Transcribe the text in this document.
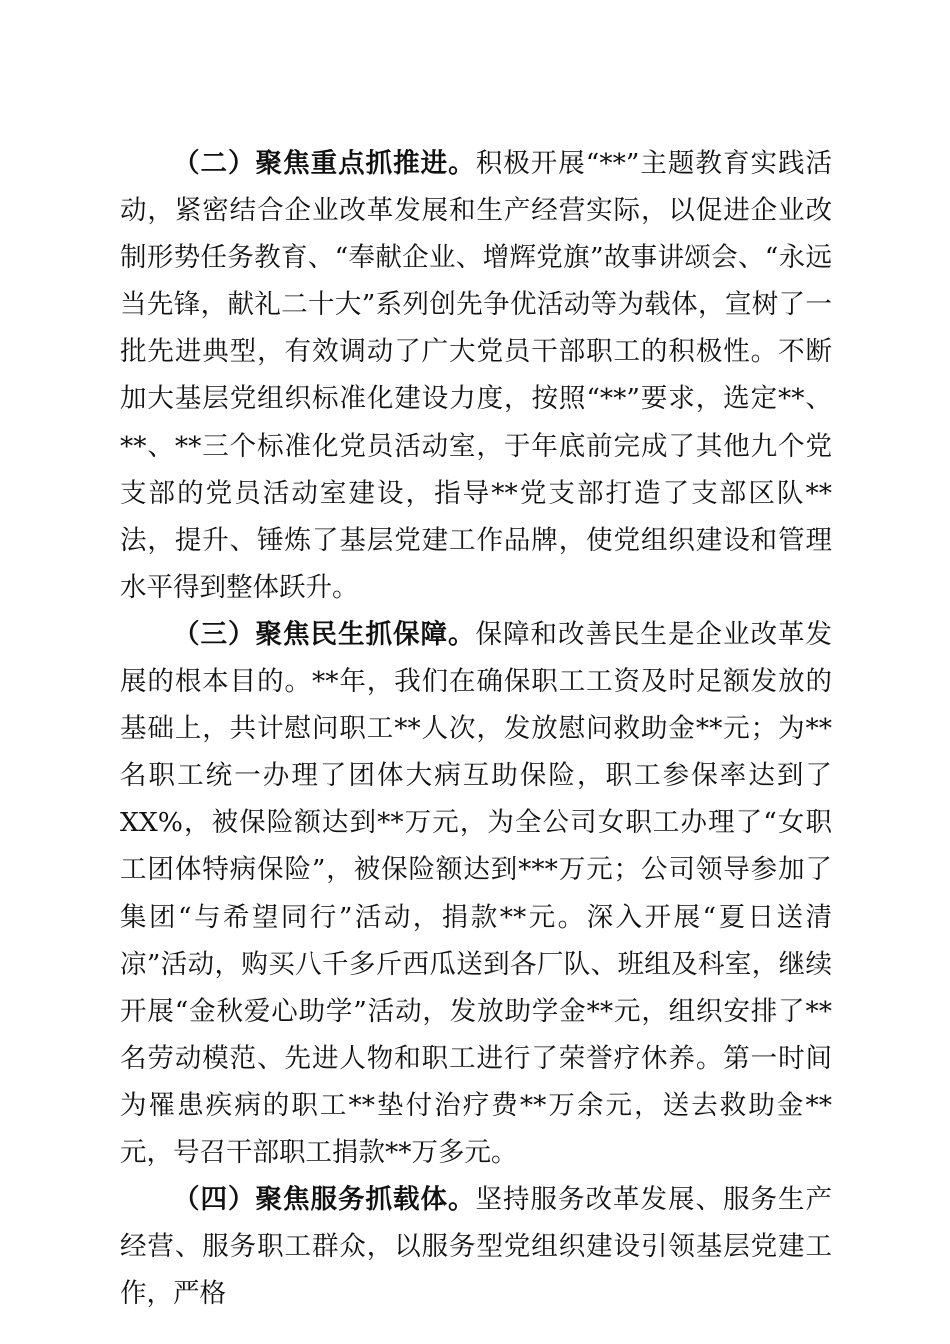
（二）聚焦重点抓推进。积极开展“**”主题教育实践活动，紧密结合企业改革发展和生产经营实际，以促进企业改制形势任务教育、“奉献企业、增辉党旗”故事讲颂会、“永远当先锋，献礼二十大”系列创先争优活动等为载体，宣树了一批先进典型，有效调动了广大党员干部职工的积极性。不断加大基层党组织标准化建设力度，按照“**”要求，选定**、**、**三个标准化党员活动室，于年底前完成了其他九个党支部的党员活动室建设，指导**党支部打造了支部区队**法，提升、锤炼了基层党建工作品牌，使党组织建设和管理水平得到整体跃升。

（三）聚焦民生抓保障。保障和改善民生是企业改革发展的根本目的。**年，我们在确保职工工资及时足额发放的基础上，共计慰问职工**人次，发放慰问救助金**元；为**名职工统一办理了团体大病互助保险，职工参保率达到了XX%，被保险额达到**万元，为全公司女职工办理了“女职工团体特病保险”，被保险额达到***万元；公司领导参加了集团“与希望同行”活动，捐款**元。深入开展“夏日送清凉”活动，购买八千多斤西瓜送到各厂队、班组及科室，继续开展“金秋爱心助学”活动，发放助学金**元，组织安排了**名劳动模范、先进人物和职工进行了荣誉疗休养。第一时间为罹患疾病的职工**垫付治疗费**万余元，送去救助金**元，号召干部职工捐款**万多元。

（四）聚焦服务抓载体。坚持服务改革发展、服务生产经营、服务职工群众，以服务型党组织建设引领基层党建工作，严格
